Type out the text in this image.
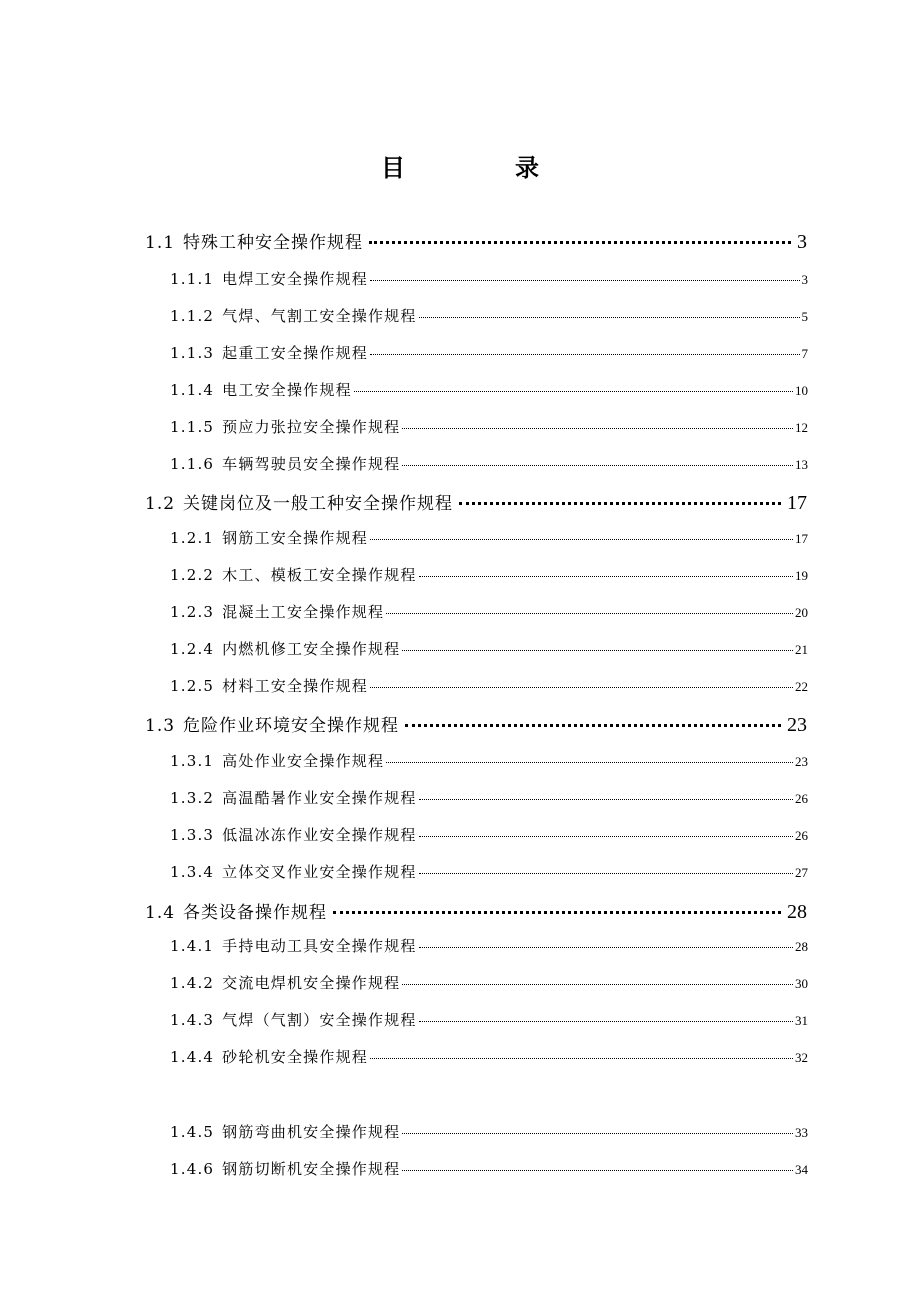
目	录
1.1 特殊工种安全操作规程	3
1.1.1 电焊工安全操作规程	3
1.1.2 气焊、气割工安全操作规程	5
1.1.3 起重工安全操作规程	7
1.1.4 电工安全操作规程	10
1.1.5 预应力张拉安全操作规程	12
1.1.6 车辆驾驶员安全操作规程	13
1.2 关键岗位及一般工种安全操作规程	17
1.2.1 钢筋工安全操作规程	17
1.2.2 木工、模板工安全操作规程	19
1.2.3 混凝土工安全操作规程	20
1.2.4 内燃机修工安全操作规程	21
1.2.5 材料工安全操作规程	22
1.3 危险作业环境安全操作规程	23
1.3.1 高处作业安全操作规程	23
1.3.2 高温酷暑作业安全操作规程	26
1.3.3 低温冰冻作业安全操作规程	26
1.3.4 立体交叉作业安全操作规程	27
1.4 各类设备操作规程	28
1.4.1 手持电动工具安全操作规程	28
1.4.2 交流电焊机安全操作规程	30
1.4.3 气焊（气割）安全操作规程	31
1.4.4 砂轮机安全操作规程	32
1.4.5 钢筋弯曲机安全操作规程	33
1.4.6 钢筋切断机安全操作规程	34
